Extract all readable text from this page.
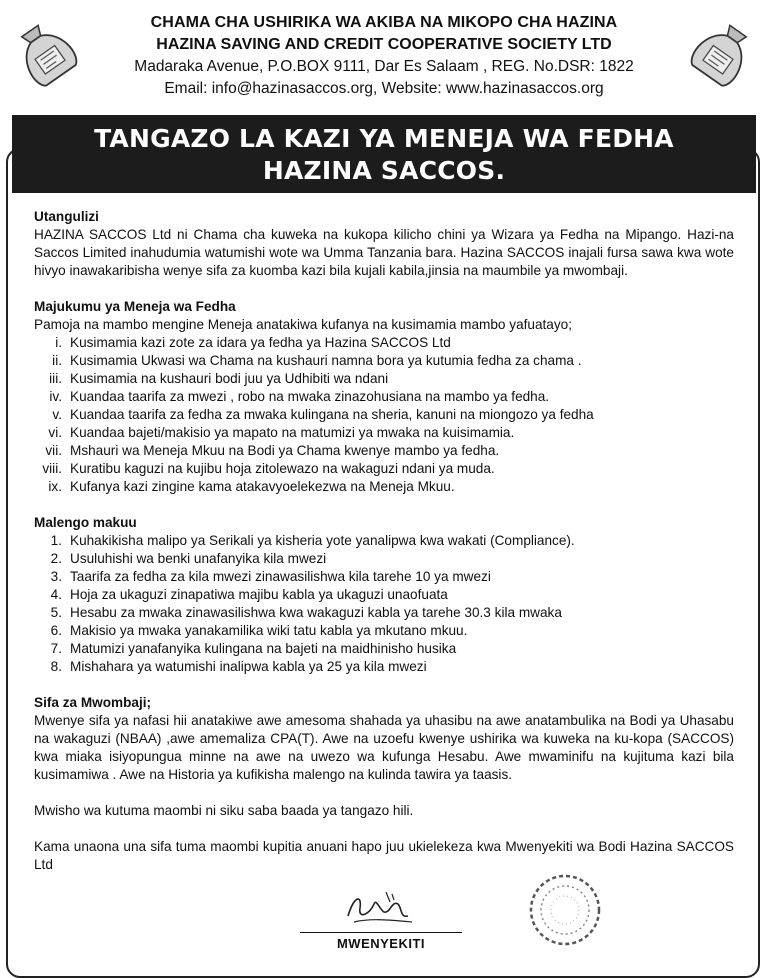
CHAMA CHA USHIRIKA WA AKIBA NA MIKOPO CHA HAZINA
HAZINA SAVING AND CREDIT COOPERATIVE SOCIETY LTD
Madaraka Avenue, P.O.BOX 9111, Dar Es Salaam , REG. No.DSR: 1822
Email: info@hazinasaccos.org, Website: www.hazinasaccos.org
TANGAZO LA KAZI YA MENEJA WA FEDHA
HAZINA SACCOS.
Utangulizi
HAZINA SACCOS Ltd ni Chama cha kuweka na kukopa kilicho chini ya Wizara ya Fedha na Mipango. Hazi-na Saccos Limited inahudumia watumishi wote wa Umma Tanzania bara. Hazina SACCOS inajali fursa sawa kwa wote hivyo inawakaribisha wenye sifa za kuomba kazi bila kujali kabila,jinsia na maumbile ya mwombaji.
Majukumu ya Meneja wa Fedha
Pamoja na mambo mengine Meneja anatakiwa kufanya na kusimamia mambo yafuatayo;
i. Kusimamia kazi zote za idara ya fedha ya Hazina SACCOS Ltd
ii. Kusimamia Ukwasi wa Chama na kushauri namna bora ya kutumia fedha za chama .
iii. Kusimamia na kushauri bodi juu ya Udhibiti wa ndani
iv. Kuandaa taarifa za mwezi , robo na mwaka zinazohusiana na mambo ya fedha.
v. Kuandaa taarifa za fedha za mwaka kulingana na sheria, kanuni na miongozo ya fedha
vi. Kuandaa bajeti/makisio ya mapato na matumizi ya mwaka na kuisimamia.
vii. Mshauri wa Meneja Mkuu na Bodi ya Chama kwenye mambo ya fedha.
viii. Kuratibu kaguzi na kujibu hoja zitolewazo na wakaguzi ndani ya muda.
ix. Kufanya kazi zingine kama atakavyoelekezwa na Meneja Mkuu.
Malengo makuu
1. Kuhakikisha malipo ya Serikali ya kisheria yote yanalipwa kwa wakati (Compliance).
2. Usuluhishi wa benki unafanyika kila mwezi
3. Taarifa za fedha za kila mwezi zinawasilishwa kila tarehe 10 ya mwezi
4. Hoja za ukaguzi zinapatiwa majibu kabla ya ukaguzi unaofuata
5. Hesabu za mwaka zinawasilishwa kwa wakaguzi kabla ya tarehe 30.3 kila mwaka
6. Makisio ya mwaka yanakamilika wiki tatu kabla ya mkutano mkuu.
7. Matumizi yanafanyika kulingana na bajeti na maidhinisho husika
8. Mishahara ya watumishi inalipwa kabla ya 25 ya kila mwezi
Sifa za Mwombaji;
Mwenye sifa ya nafasi hii anatakiwe awe amesoma shahada ya uhasibu na awe anatambulika na Bodi ya Uhasabu na wakaguzi (NBAA) ,awe amemaliza CPA(T). Awe na uzoefu kwenye ushirika wa kuweka na ku-kopa (SACCOS) kwa miaka isiyopungua minne na awe na uwezo wa kufunga Hesabu. Awe mwaminifu na kujituma kazi bila kusimamiwa . Awe na Historia ya kufikisha malengo na kulinda tawira ya taasis.
Mwisho wa kutuma maombi ni siku saba baada ya tangazo hili.
Kama unaona una sifa tuma maombi kupitia anuani hapo juu ukielekeza kwa Mwenyekiti wa Bodi Hazina SACCOS Ltd
MWENYEKITI
